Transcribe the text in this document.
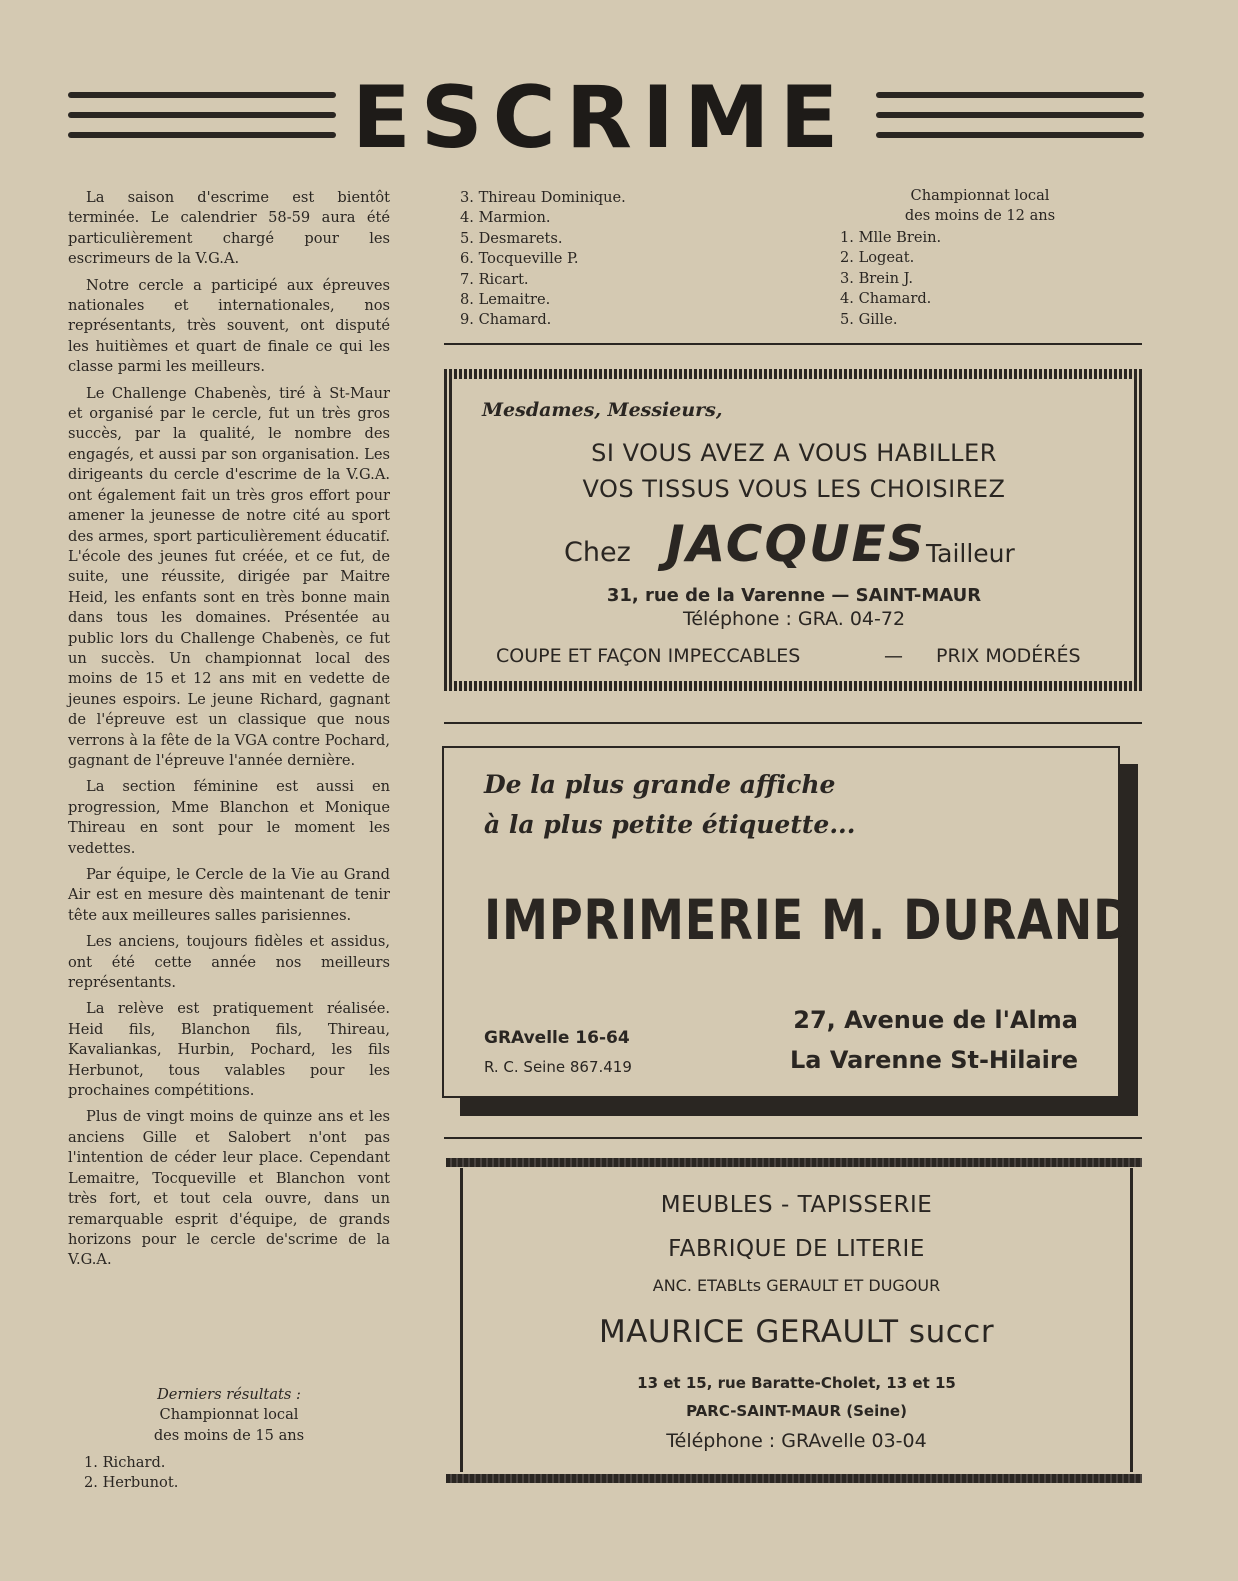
ESCRIME

La saison d'escrime est bientôt terminée. Le calendrier 58-59 aura été particulièrement chargé pour les escrimeurs de la V.G.A.

Notre cercle a participé aux épreuves nationales et internationales, nos représentants, très souvent, ont disputé les huitièmes et quart de finale ce qui les classe parmi les meilleurs.

Le Challenge Chabenès, tiré à St-Maur et organisé par le cercle, fut un très gros succès, par la qualité, le nombre des engagés, et aussi par son organisation. Les dirigeants du cercle d'escrime de la V.G.A. ont également fait un très gros effort pour amener la jeunesse de notre cité au sport des armes, sport particulièrement éducatif. L'école des jeunes fut créée, et ce fut, de suite, une réussite, dirigée par Maitre Heid, les enfants sont en très bonne main dans tous les domaines. Présentée au public lors du Challenge Chabenès, ce fut un succès. Un championnat local des moins de 15 et 12 ans mit en vedette de jeunes espoirs. Le jeune Richard, gagnant de l'épreuve est un classique que nous verrons à la fête de la VGA contre Pochard, gagnant de l'épreuve l'année dernière.

La section féminine est aussi en progression, Mme Blanchon et Monique Thireau en sont pour le moment les vedettes.

Par équipe, le Cercle de la Vie au Grand Air est en mesure dès maintenant de tenir tête aux meilleures salles parisiennes.

Les anciens, toujours fidèles et assidus, ont été cette année nos meilleurs représentants.

La relève est pratiquement réalisée. Heid fils, Blanchon fils, Thireau, Kavaliankas, Hurbin, Pochard, les fils Herbunot, tous valables pour les prochaines compétitions.

Plus de vingt moins de quinze ans et les anciens Gille et Salobert n'ont pas l'intention de céder leur place. Cependant Lemaitre, Tocqueville et Blanchon vont très fort, et tout cela ouvre, dans un remarquable esprit d'équipe, de grands horizons pour le cercle de'scrime de la V.G.A.

Derniers résultats :
Championnat local
des moins de 15 ans
1. Richard.
2. Herbunot.
3. Thireau Dominique.
4. Marmion.
5. Desmarets.
6. Tocqueville P.
7. Ricart.
8. Lemaitre.
9. Chamard.
Championnat local
des moins de 12 ans
1. Mlle Brein.
2. Logeat.
3. Brein J.
4. Chamard.
5. Gille.
Mesdames, Messieurs,
SI VOUS AVEZ A VOUS HABILLER
VOS TISSUS VOUS LES CHOISIREZ
Chez JACQUES Tailleur
31, rue de la Varenne — SAINT-MAUR
Téléphone : GRA. 04-72
COUPE ET FAÇON IMPECCABLES	— PRIX MODÉRÉS
De la plus grande affiche
à la plus petite étiquette...
IMPRIMERIE M. DURAND
GRAvelle 16-64
R. C. Seine 867.419
27, Avenue de l'Alma
La Varenne St-Hilaire
MEUBLES - TAPISSERIE
FABRIQUE DE LITERIE
ANC. ETABLts GERAULT ET DUGOUR
MAURICE GERAULT succr
13 et 15, rue Baratte-Cholet, 13 et 15
PARC-SAINT-MAUR (Seine)
Téléphone : GRAvelle 03-04
